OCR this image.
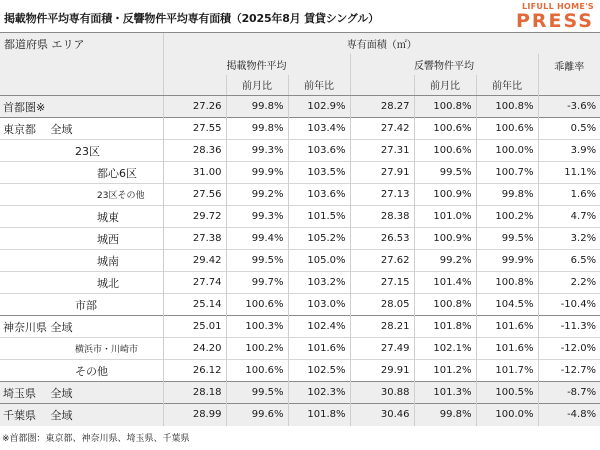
掲載物件平均専有面積・反響物件平均専有面積（2025年8月 賃貸シングル）
LIFULL HOME'S
PRESS
都道府県 エリア	専有面積（㎡）						
	掲載物件平均			反響物件平均			乖離率
		前月比	前年比		前月比	前年比	
首都圏※	27.26	99.8%	102.9%	28.27	100.8%	100.8%	-3.6%
東京都　 全域	27.55	99.8%	103.4%	27.42	100.6%	100.6%	0.5%
23区	28.36	99.3%	103.6%	27.31	100.6%	100.0%	3.9%
都心6区	31.00	99.9%	103.5%	27.91	99.5%	100.7%	11.1%
23区その他	27.56	99.2%	103.6%	27.13	100.9%	99.8%	1.6%
城東	29.72	99.3%	101.5%	28.38	101.0%	100.2%	4.7%
城西	27.38	99.4%	105.2%	26.53	100.9%	99.5%	3.2%
城南	29.42	99.5%	105.0%	27.62	99.2%	99.9%	6.5%
城北	27.74	99.7%	103.2%	27.15	101.4%	100.8%	2.2%
市部	25.14	100.6%	103.0%	28.05	100.8%	104.5%	-10.4%
神奈川県 全域	25.01	100.3%	102.4%	28.21	101.8%	101.6%	-11.3%
横浜市・川崎市	24.20	100.2%	101.6%	27.49	102.1%	101.6%	-12.0%
その他	26.12	100.6%	102.5%	29.91	101.2%	101.7%	-12.7%
埼玉県　 全域	28.18	99.5%	102.3%	30.88	101.3%	100.5%	-8.7%
千葉県　 全域	28.99	99.6%	101.8%	30.46	99.8%	100.0%	-4.8%
※首都圏：東京都、神奈川県、埼玉県、千葉県
